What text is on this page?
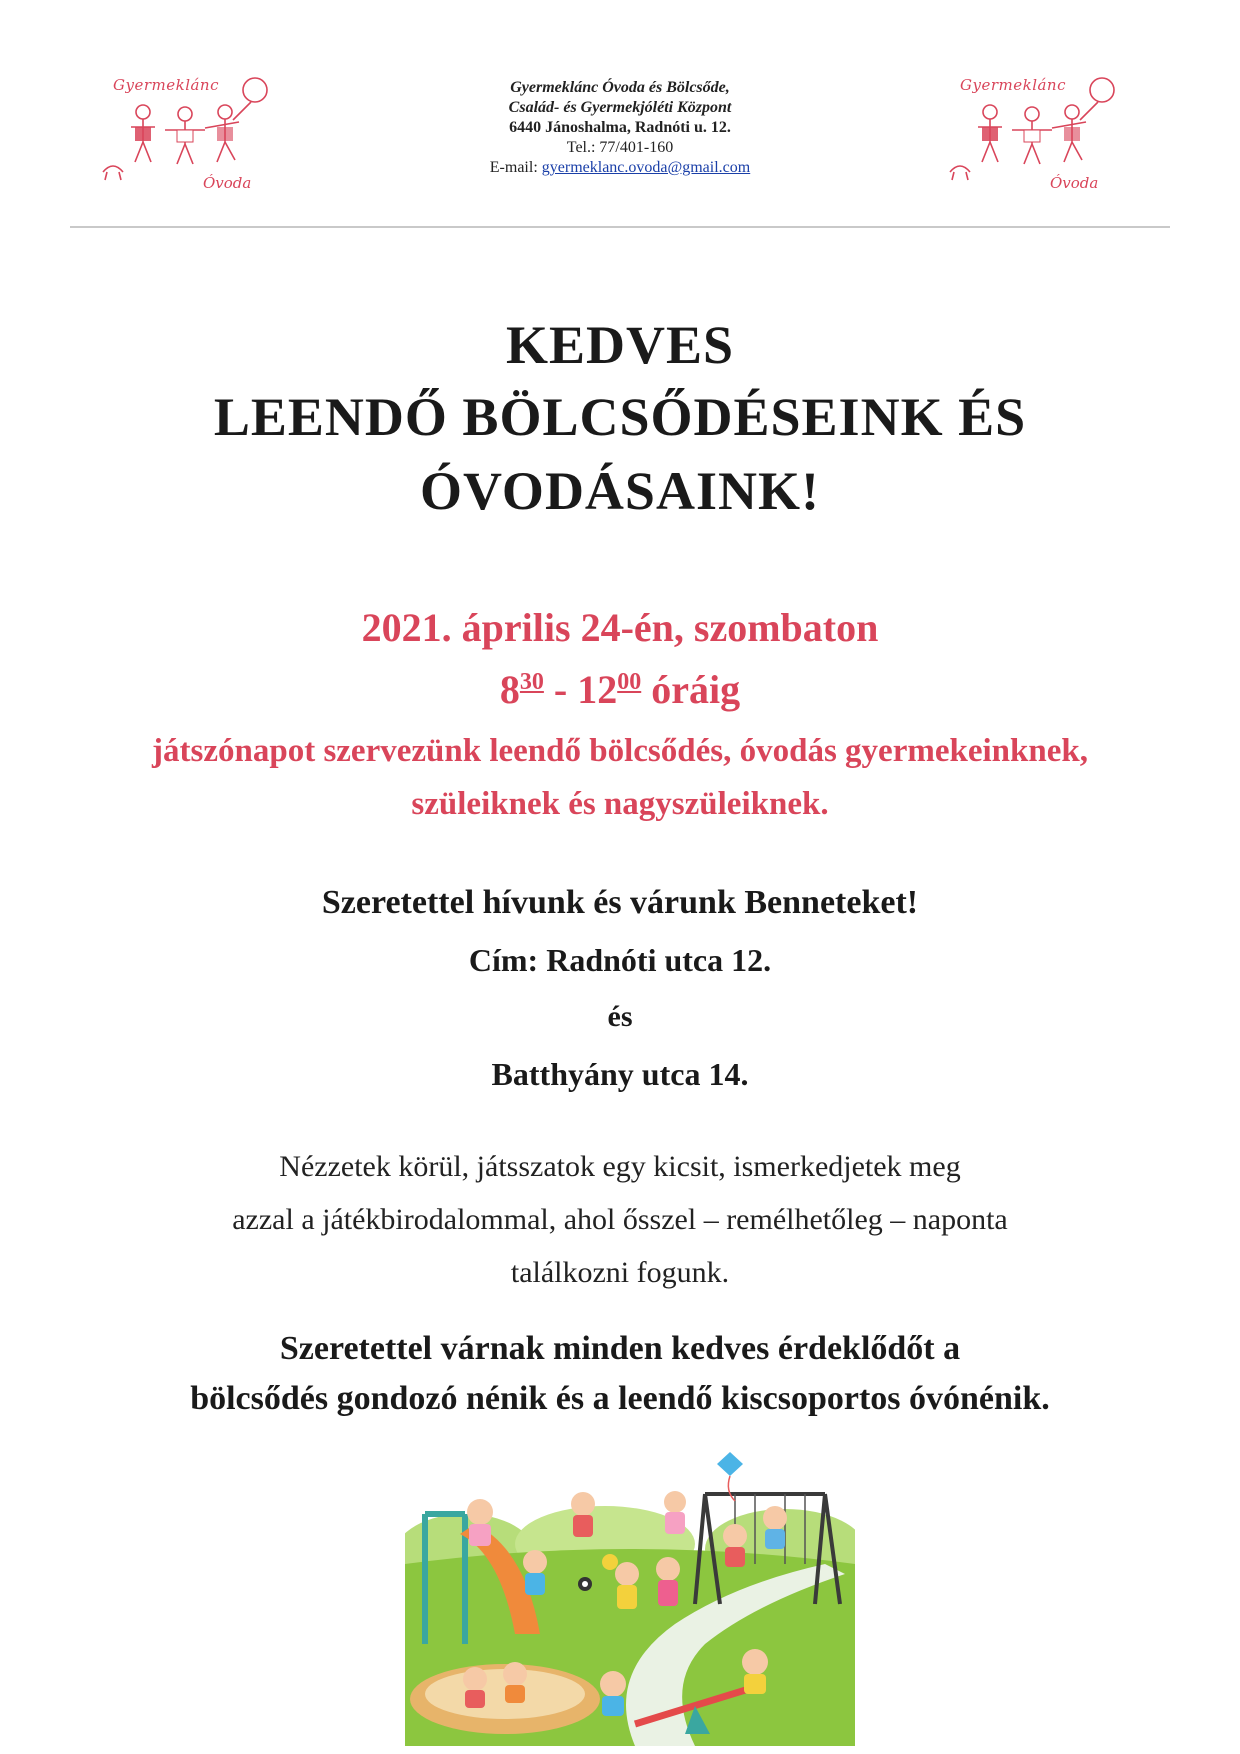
Gyermeklánc
Óvoda
Gyermeklánc
Óvoda
Gyermeklánc Óvoda és Bölcsőde,
Család- és Gyermekjóléti Központ
6440 Jánoshalma, Radnóti u. 12.
Tel.: 77/401-160
E-mail: gyermeklanc.ovoda@gmail.com
KEDVES
LEENDŐ BÖLCSŐDÉSEINK ÉS
ÓVODÁSAINK!
2021. április 24-én, szombaton
$8^{30} - 12^{00}$ óráig
játszónapot szervezünk leendő bölcsődés, óvodás gyermekeinknek,
szüleiknek és nagyszüleiknek.
Szeretettel hívunk és várunk Benneteket!
Cím: Radnóti utca 12.
és
Batthyány utca 14.
Nézzetek körül, játsszatok egy kicsit, ismerkedjetek meg
azzal a játékbirodalommal, ahol ősszel – remélhetőleg – naponta
találkozni fogunk.
Szeretettel várnak minden kedves érdeklődőt a
bölcsődés gondozó nénik és a leendő kiscsoportos óvónénik.
